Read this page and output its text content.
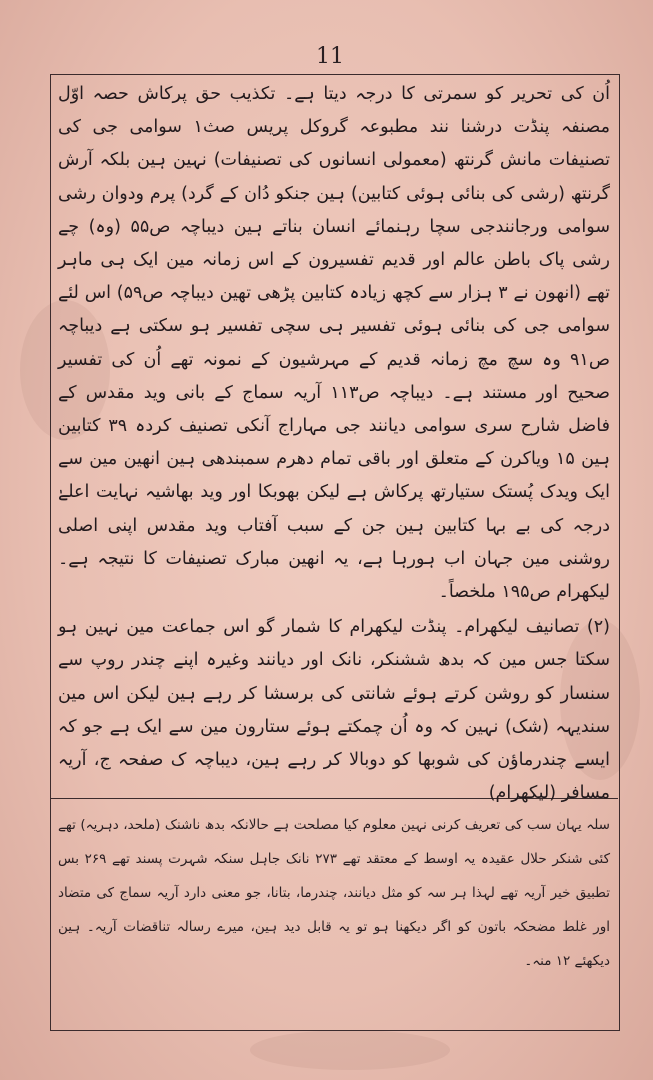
11

اُن کی تحریر کو سمرتی کا درجہ دیتا ہے۔ تکذیب حق پرکاش حصہ اوّل مصنفہ پنڈت درشنا نند مطبوعہ گروکل پریس صث۱ سوامی جی کی تصنیفات مانش گرنتھ (معمولی انسانوں کی تصنیفات) نہین ہین بلکہ آرش گرنتھ (رشی کی بنائی ہوئی کتابین) ہین جنکو دُان کے گرد) پرم ودوان رشی سوامی ورجانندجی سچا رہنمائے انسان بناتے ہین دیباچہ ص۵۵ (وہ) چے رشی پاک باطن عالم اور قدیم تفسیرون کے اس زمانہ مین ایک ہی ماہر تھے (انھون نے ۳ ہزار سے کچھ زیادہ کتابین پڑھی تھین دیباچہ ص۵۹) اس لئے سوامی جی کی بنائی ہوئی تفسیر ہی سچی تفسیر ہو سکتی ہے دیباچہ ص۹۱ وہ سچ مچ زمانہ قدیم کے مہرشیون کے نمونہ تھے اُن کی تفسیر صحیح اور مستند ہے۔ دیباچہ ص۱۱۳ آریہ سماج کے بانی وید مقدس کے فاضل شارح سری سوامی دیانند جی مہاراج آنکی تصنیف کردہ ۳۹ کتابین ہین ۱۵ ویاکرن کے متعلق اور باقی تمام دھرم سمبندھی ہین انھین مین سے ایک ویدک پُستک ستیارتھ پرکاش ہے لیکن بھوبکا اور وید بھاشیہ نہایت اعلےٰ درجہ کی بے بہا کتابین ہین جن کے سبب آفتاب وید مقدس اپنی اصلی روشنی مین جہان اب ہورہا ہے، یہ انھین مبارک تصنیفات کا نتیجہ ہے۔ لیکھرام ص۱۹۵ ملخصاً۔

(۲) تصانیف لیکھرام۔ پنڈت لیکھرام کا شمار گو اس جماعت مین نہین ہو سکتا جس مین کہ بدھ ششنکر، نانک اور دیانند وغیرہ اپنے چندر روپ سے سنسار کو روشن کرتے ہوئے شانتی کی برسشا کر رہے ہین لیکن اس مین سندیہہ (شک) نہین کہ وہ اُن چمکتے ہوئے ستارون مین سے ایک ہے جو کہ ایسے چندرماؤن کی شوبھا کو دوبالا کر رہے ہین، دیباچہ ک صفحہ ج، آریہ مسافر (لیکھرام)

سلہ یہان سب کی تعریف کرنی نہین معلوم کیا مصلحت ہے حالانکہ بدھ ناشنک (ملحد، دہریہ) تھے کئی شنکر حلال عقیدہ یہ اوسط کے معتقد تھے ۲۷۳ نانک جاہل سنکہ شہرت پسند تھے ۲۶۹ بس تطبیق خیر آریہ تھے لہذا ہر سہ کو مثل دیانند، چندرما، بتانا، جو معنی دارد آریہ سماج کی متضاد اور غلط مضحکہ باتون کو اگر دیکھنا ہو تو یہ قابل دید ہین، میرے رسالہ تناقضات آریہ۔ ہین دیکھئے ۱۲ منہ۔
